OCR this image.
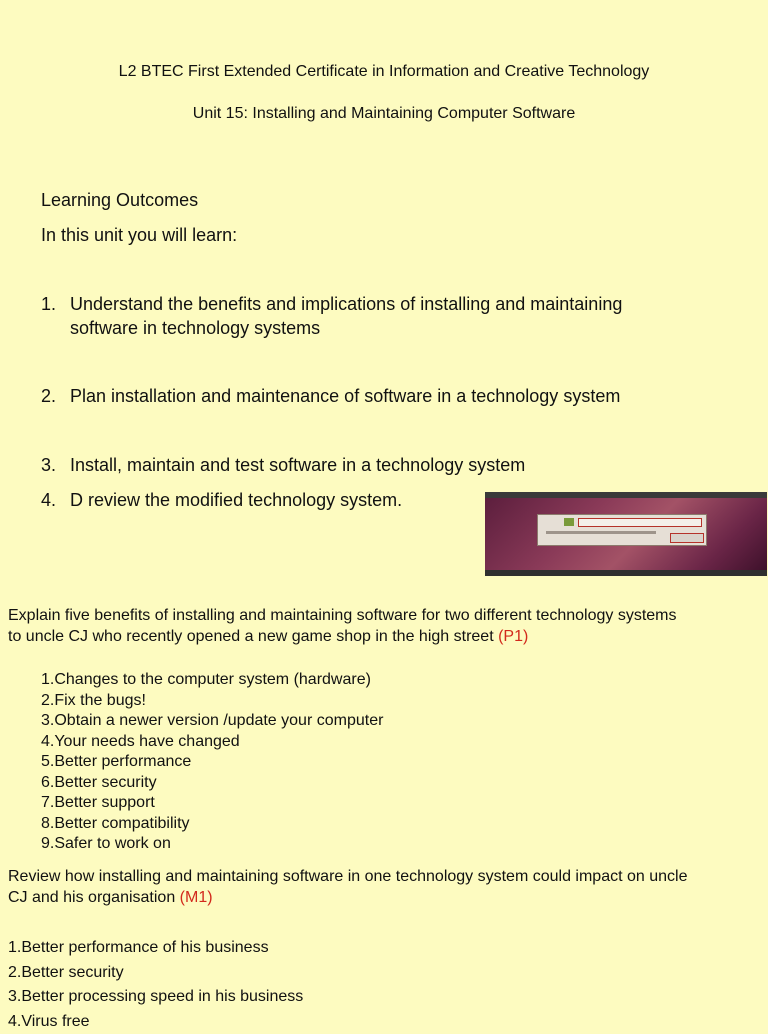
L2 BTEC First Extended Certificate in Information and Creative Technology
Unit 15: Installing and Maintaining Computer Software
Learning Outcomes
In this unit you will learn:
1. Understand the benefits and implications of installing and maintaining
software in technology systems
2. Plan installation and maintenance of software in a technology system
3. Install, maintain and test software in a technology system
4. D review the modified technology system.
Explain five benefits of installing and maintaining software for two different technology systems
to uncle CJ who recently opened a new game shop in the high street (P1)
1.Changes to the computer system (hardware)
2.Fix the bugs!
3.Obtain a newer version /update your computer
4.Your needs have changed
5.Better performance
6.Better security
7.Better support
8.Better compatibility
9.Safer to work on
Review how installing and maintaining software in one technology system could impact on uncle
CJ and his organisation (M1)
1.Better performance of his business
2.Better security
3.Better processing speed in his business
4.Virus free
